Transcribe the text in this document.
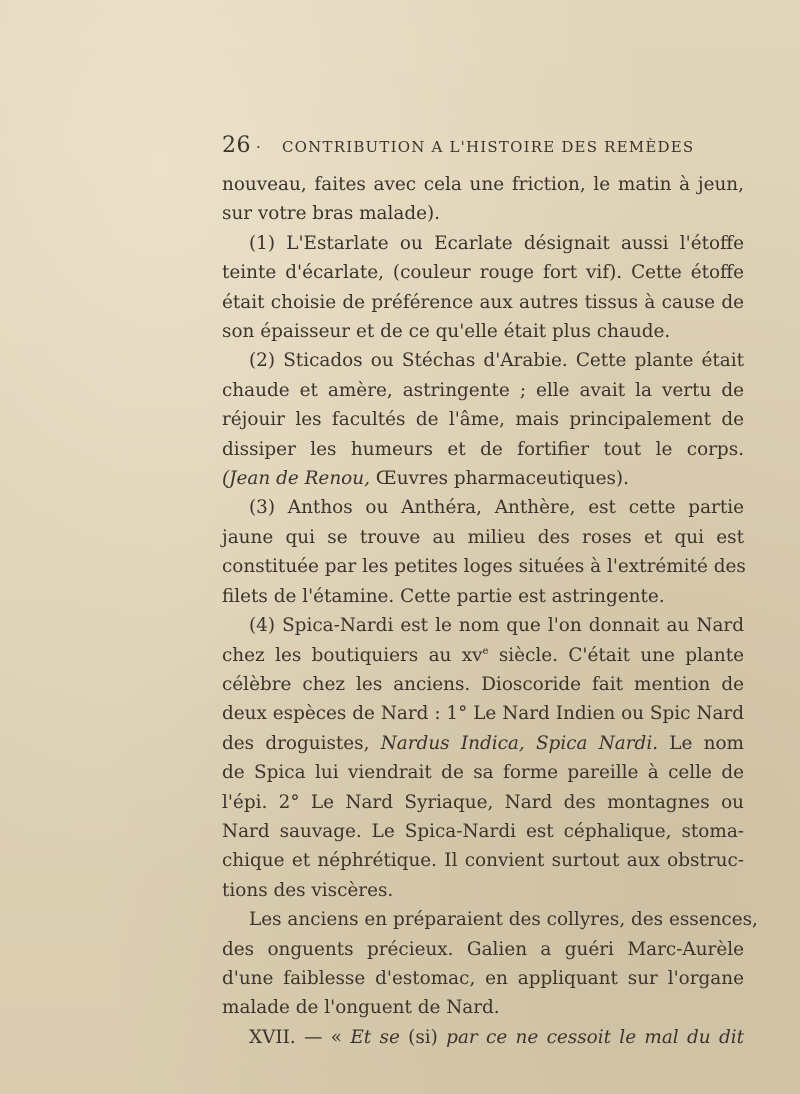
26 · CONTRIBUTION A L'HISTOIRE DES REMÈDES
nouveau, faites avec cela une friction, le matin à jeun,
sur votre bras malade).
(1) L'Estarlate ou Ecarlate désignait aussi l'étoffe
teinte d'écarlate, (couleur rouge fort vif). Cette étoffe
était choisie de préférence aux autres tissus à cause de
son épaisseur et de ce qu'elle était plus chaude.
(2) Sticados ou Stéchas d'Arabie. Cette plante était
chaude et amère, astringente ; elle avait la vertu de
réjouir les facultés de l'âme, mais principalement de
dissiper les humeurs et de fortifier tout le corps.
(Jean de Renou, Œuvres pharmaceutiques).
(3) Anthos ou Anthéra, Anthère, est cette partie
jaune qui se trouve au milieu des roses et qui est
constituée par les petites loges situées à l'extrémité des
filets de l'étamine. Cette partie est astringente.
(4) Spica-Nardi est le nom que l'on donnait au Nard
chez les boutiquiers au $xv^e$ siècle. C'était une plante
célèbre chez les anciens. Dioscoride fait mention de
deux espèces de Nard : 1° Le Nard Indien ou Spic Nard
des droguistes, Nardus Indica, Spica Nardi. Le nom
de Spica lui viendrait de sa forme pareille à celle de
l'épi. 2° Le Nard Syriaque, Nard des montagnes ou
Nard sauvage. Le Spica-Nardi est céphalique, stoma-
chique et néphrétique. Il convient surtout aux obstruc-
tions des viscères.
Les anciens en préparaient des collyres, des essences,
des onguents précieux. Galien a guéri Marc-Aurèle
d'une faiblesse d'estomac, en appliquant sur l'organe
malade de l'onguent de Nard.
XVII. — « Et se (si) par ce ne cessoit le mal du dit
